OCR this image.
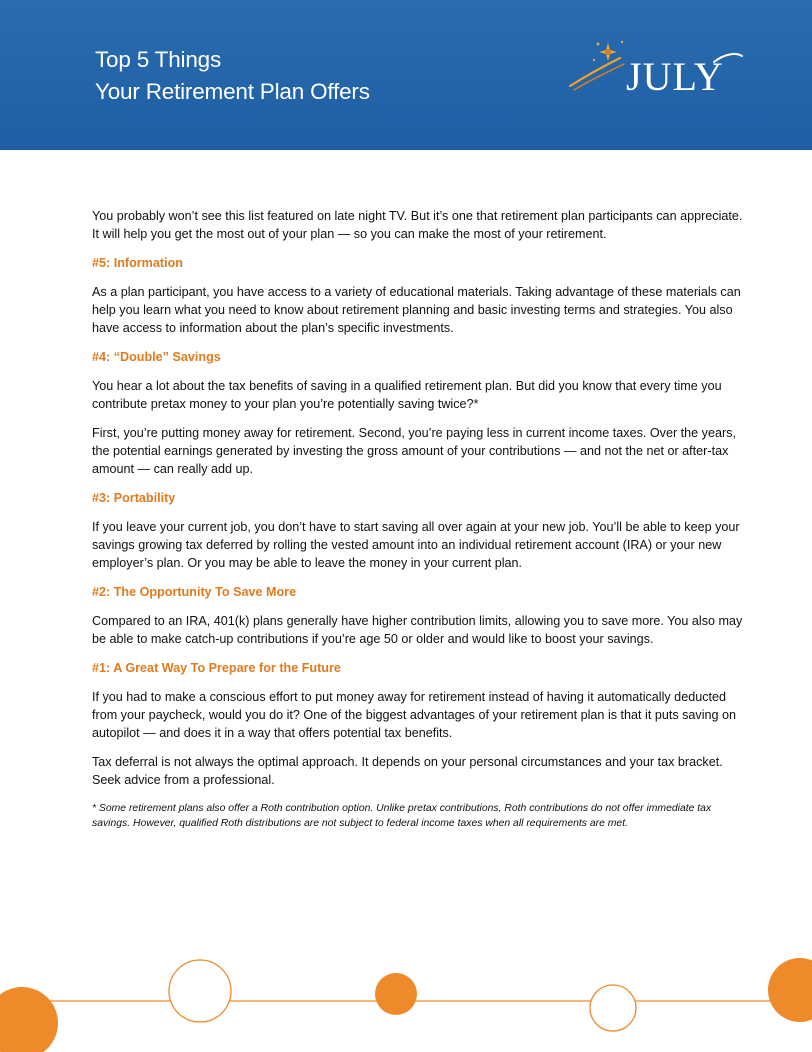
Top 5 Things
Your Retirement Plan Offers	JULY

You probably won’t see this list featured on late night TV. But it’s one that retirement plan participants can appreciate. It will help you get the most out of your plan — so you can make the most of your retirement.

#5: Information

As a plan participant, you have access to a variety of educational materials. Taking advantage of these materials can help you learn what you need to know about retirement planning and basic investing terms and strategies. You also have access to information about the plan’s specific investments.

#4: “Double” Savings

You hear a lot about the tax benefits of saving in a qualified retirement plan. But did you know that every time you contribute pretax money to your plan you’re potentially saving twice?*

First, you’re putting money away for retirement. Second, you’re paying less in current income taxes. Over the years, the potential earnings generated by investing the gross amount of your contributions — and not the net or after-tax amount — can really add up.

#3: Portability

If you leave your current job, you don’t have to start saving all over again at your new job. You’ll be able to keep your savings growing tax deferred by rolling the vested amount into an individual retirement account (IRA) or your new employer’s plan. Or you may be able to leave the money in your current plan.

#2: The Opportunity To Save More

Compared to an IRA, 401(k) plans generally have higher contribution limits, allowing you to save more. You also may be able to make catch-up contributions if you’re age 50 or older and would like to boost your savings.

#1: A Great Way To Prepare for the Future

If you had to make a conscious effort to put money away for retirement instead of having it automatically deducted from your paycheck, would you do it? One of the biggest advantages of your retirement plan is that it puts saving on autopilot — and does it in a way that offers potential tax benefits.

Tax deferral is not always the optimal approach. It depends on your personal circumstances and your tax bracket. Seek advice from a professional.

* Some retirement plans also offer a Roth contribution option. Unlike pretax contributions, Roth contributions do not offer immediate tax savings. However, qualified Roth distributions are not subject to federal income taxes when all requirements are met.
